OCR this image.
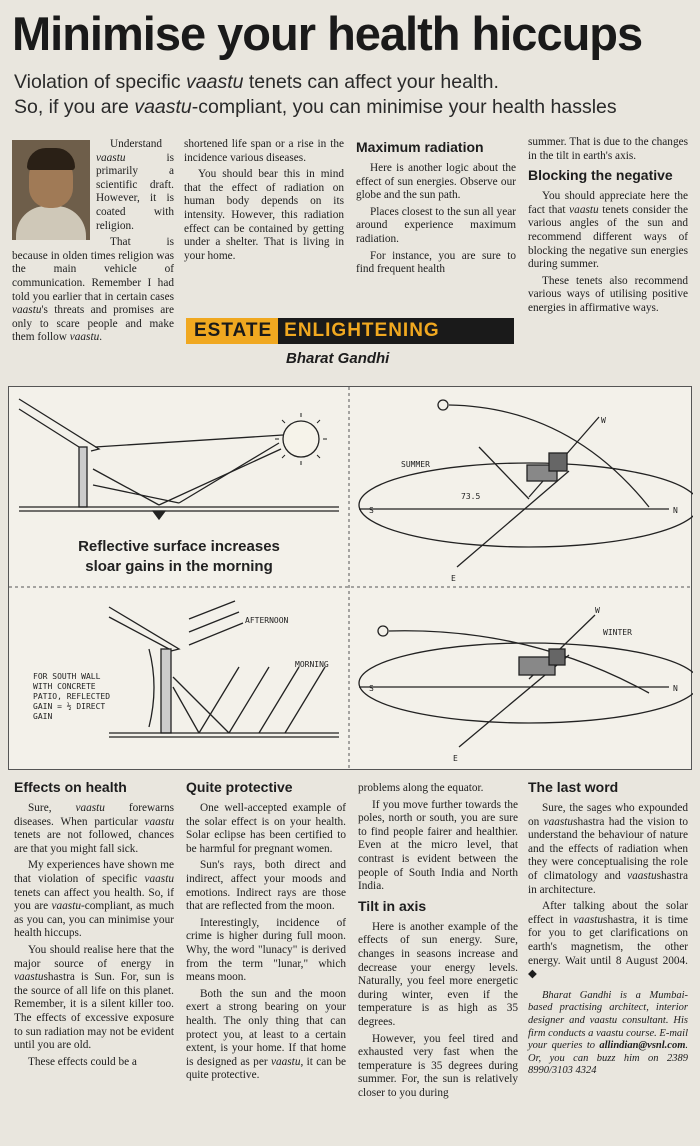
Minimise your health hiccups
Violation of specific vaastu tenets can affect your health.
So, if you are vaastu-compliant, you can minimise your health hassles

Understand vaastu is primarily a scientific draft. However, it is coated with religion.

That is because in olden times religion was the main vehicle of communication. Remember I had told you earlier that in certain cases vaastu's threats and promises are only to scare people and make them follow vaastu.

shortened life span or a rise in the incidence various diseases.

You should bear this in mind that the effect of radiation on human body depends on its intensity. However, this radiation effect can be contained by getting under a shelter. That is living in your home.

Maximum radiation

Here is another logic about the effect of sun energies. Observe our globe and the sun path.

Places closest to the sun all year around experience maximum radiation.

For instance, you are sure to find frequent health

summer. That is due to the changes in the tilt in earth's axis.

Blocking the negative

You should appreciate here the fact that vaastu tenets consider the various angles of the sun and recommend different ways of blocking the negative sun energies during summer.

These tenets also recommend various ways of utilising positive energies in affirmative ways.

ESTATE ENLIGHTENING
Bharat Gandhi
Reflective surface increases
sloar gains in the morning
SUMMER
73.5
S	N
E
W
AFTERNOON
MORNING
FOR SOUTH WALL
WITH CONCRETE
PATIO, REFLECTED
GAIN = ½ DIRECT
GAIN
WINTER
S	N
E
W
Effects on health

Sure, vaastu forewarns diseases. When particular vaastu tenets are not followed, chances are that you might fall sick.

My experiences have shown me that violation of specific vaastu tenets can affect you health. So, if you are vaastu-compliant, as much as you can, you can minimise your health hiccups.

You should realise here that the major source of energy in vaastushastra is Sun. For, sun is the source of all life on this planet. Remember, it is a silent killer too. The effects of excessive exposure to sun radiation may not be evident until you are old.

These effects could be a

Quite protective

One well-accepted example of the solar effect is on your health. Solar eclipse has been certified to be harmful for pregnant women.

Sun's rays, both direct and indirect, affect your moods and emotions. Indirect rays are those that are reflected from the moon.

Interestingly, incidence of crime is higher during full moon. Why, the word "lunacy" is derived from the term "lunar," which means moon.

Both the sun and the moon exert a strong bearing on your health. The only thing that can protect you, at least to a certain extent, is your home. If that home is designed as per vaastu, it can be quite protective.

problems along the equator.

If you move further towards the poles, north or south, you are sure to find people fairer and healthier. Even at the micro level, that contrast is evident between the people of South India and North India.

Tilt in axis

Here is another example of the effects of sun energy. Sure, changes in seasons increase and decrease your energy levels. Naturally, you feel more energetic during winter, even if the temperature is as high as 35 degrees.

However, you feel tired and exhausted very fast when the temperature is 35 degrees during summer. For, the sun is relatively closer to you during

The last word

Sure, the sages who expounded on vaastushastra had the vision to understand the behaviour of nature and the effects of radiation when they were conceptualising the role of climatology and vaastushastra in architecture.

After talking about the solar effect in vaastushastra, it is time for you to get clarifications on earth's magnetism, the other energy. Wait until 8 August 2004. ◆

Bharat Gandhi is a Mumbai-based practising architect, interior designer and vaastu consultant. His firm conducts a vaastu course. E-mail your queries to allindian@vsnl.com. Or, you can buzz him on 2389 8990/3103 4324
